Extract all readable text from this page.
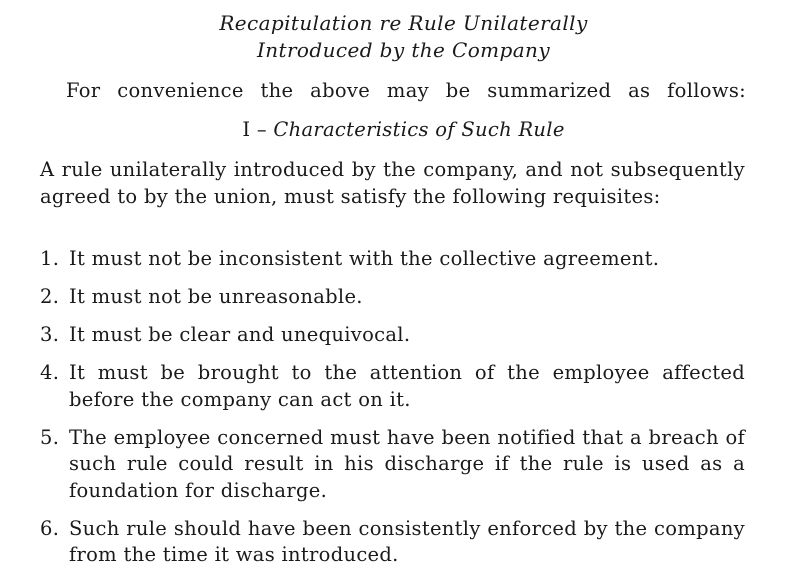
Recapitulation re Rule Unilaterally
Introduced by the Company
For convenience the above may be summarized as follows:
I – Characteristics of Such Rule
A rule unilaterally introduced by the company, and not subsequently agreed to by the union, must satisfy the following requisites:
1. It must not be inconsistent with the collective agreement.
2. It must not be unreasonable.
3. It must be clear and unequivocal.
4. It must be brought to the attention of the employee affected before the company can act on it.
5. The employee concerned must have been notified that a breach of such rule could result in his discharge if the rule is used as a foundation for discharge.
6. Such rule should have been consistently enforced by the company from the time it was introduced.
